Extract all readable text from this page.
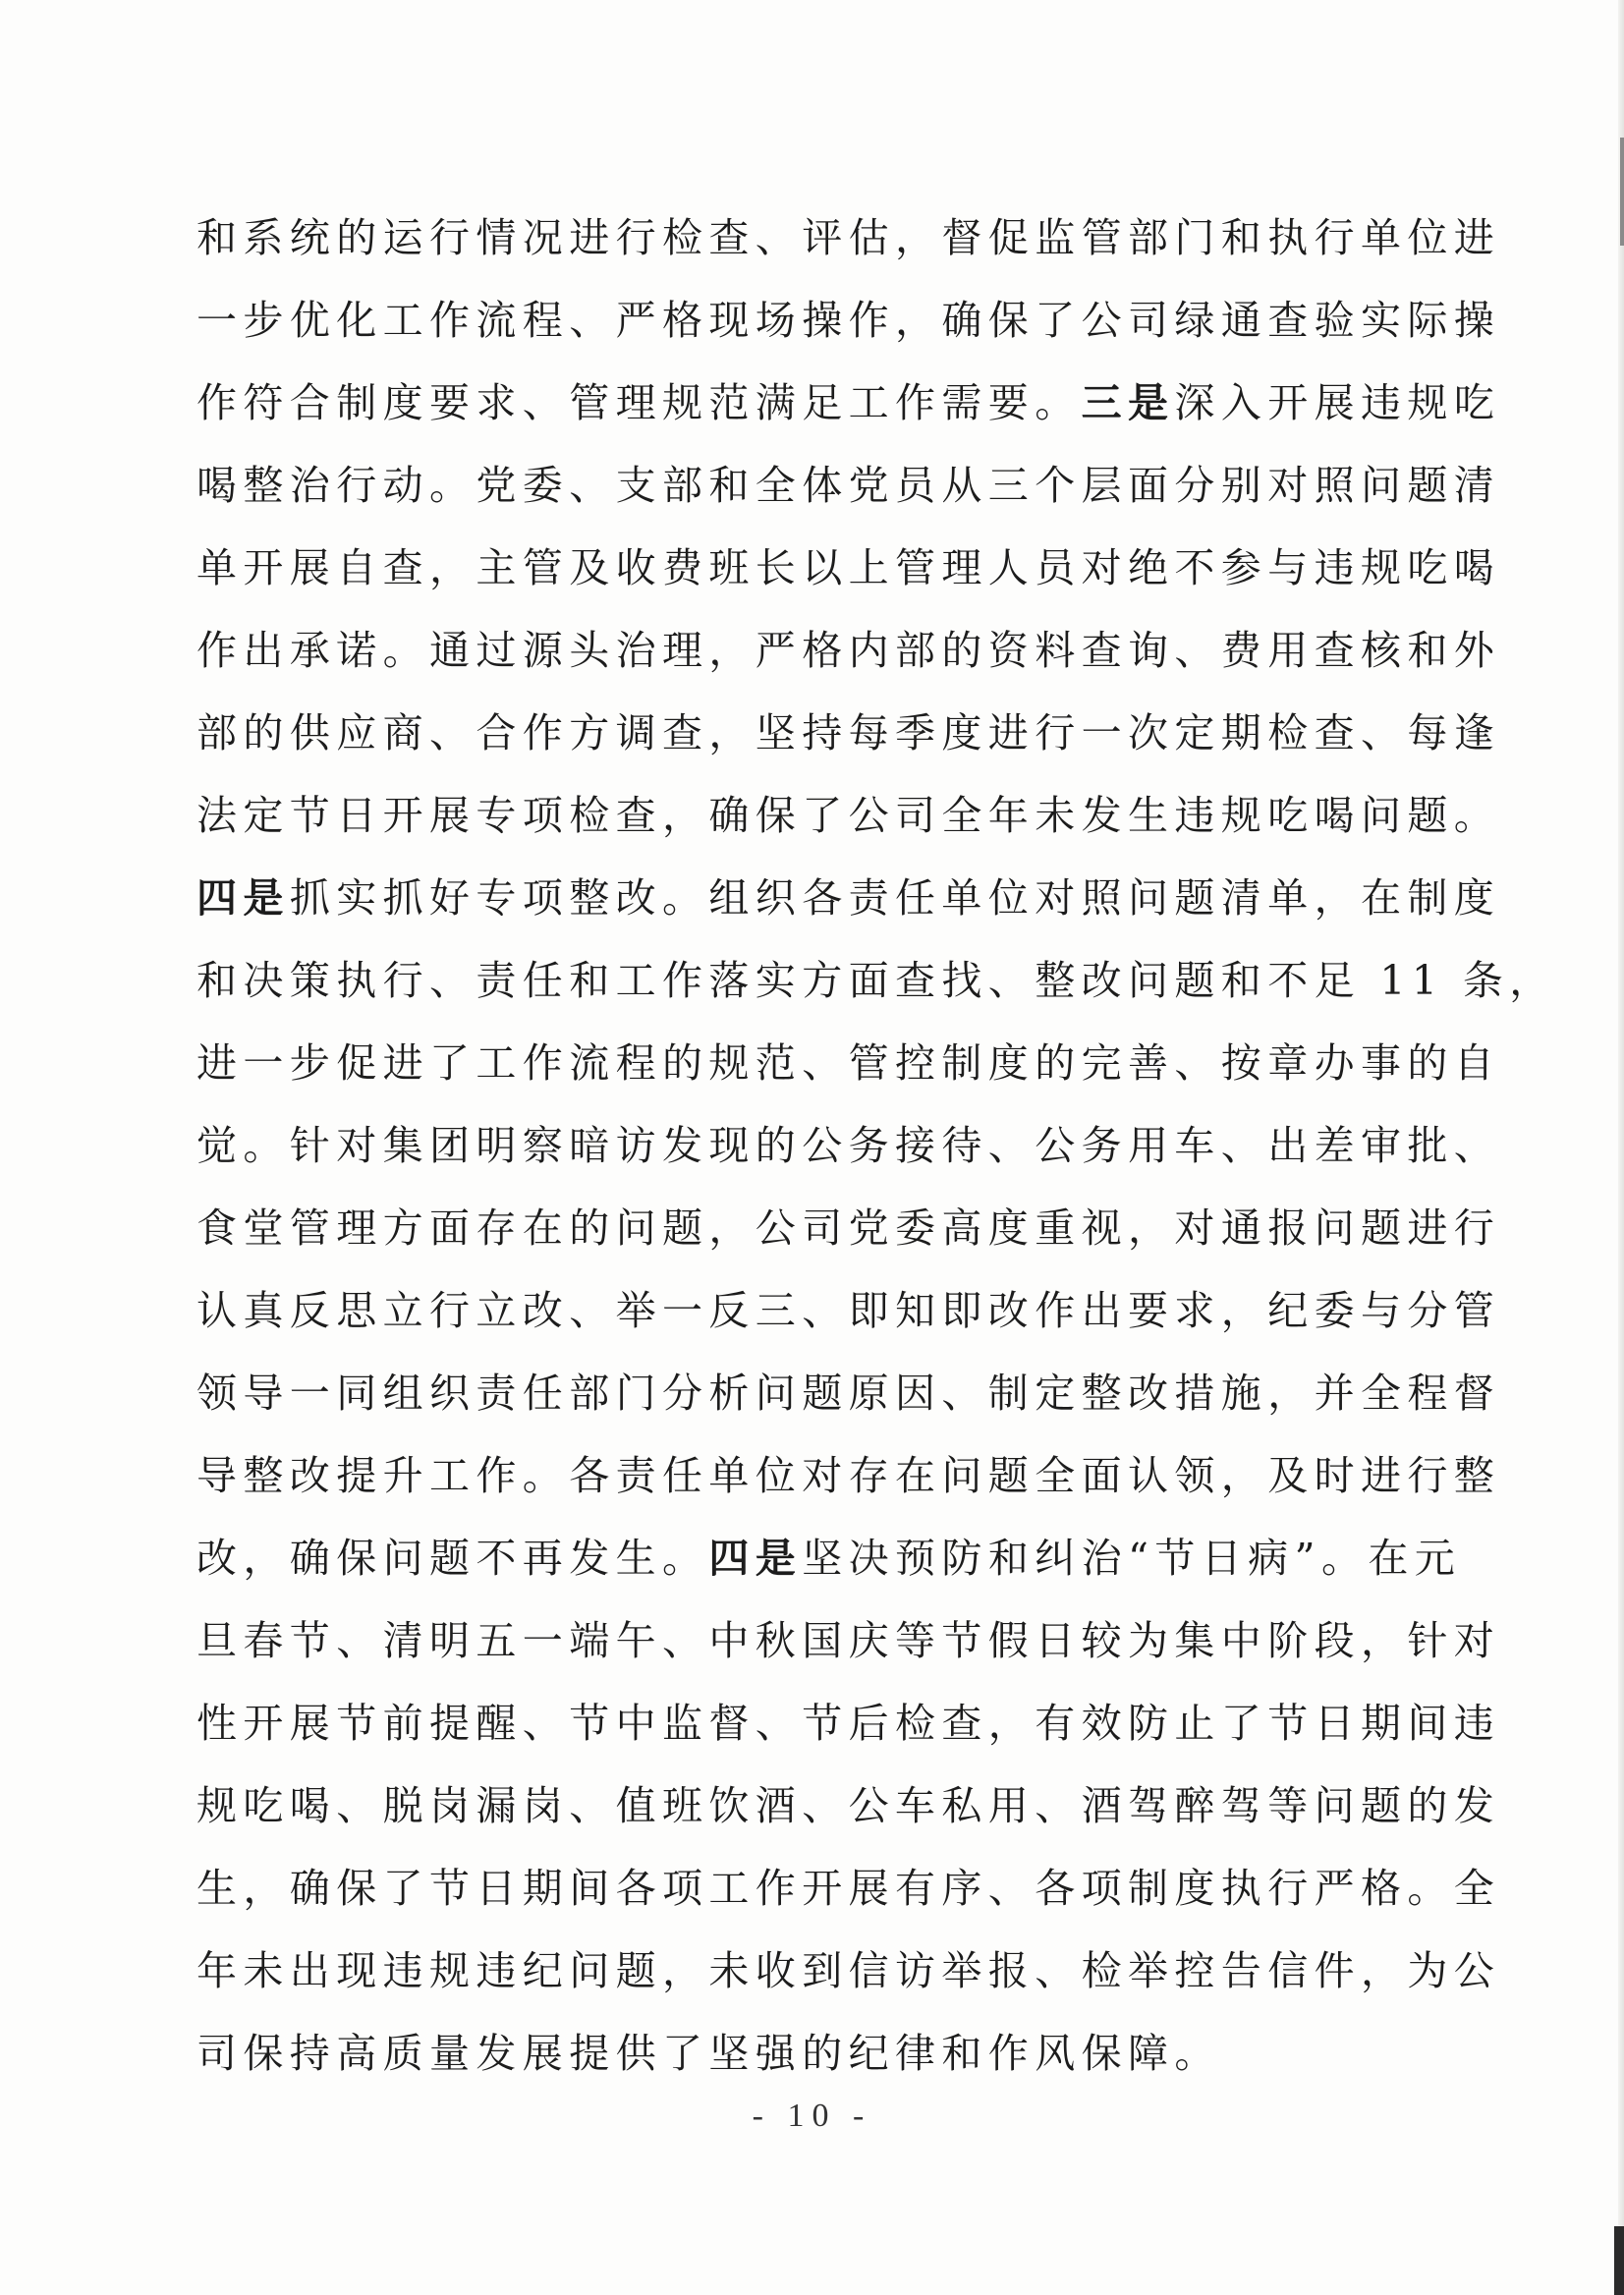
和系统的运行情况进行检查、评估，督促监管部门和执行单位进
一步优化工作流程、严格现场操作，确保了公司绿通查验实际操
作符合制度要求、管理规范满足工作需要。三是深入开展违规吃
喝整治行动。党委、支部和全体党员从三个层面分别对照问题清
单开展自查，主管及收费班长以上管理人员对绝不参与违规吃喝
作出承诺。通过源头治理，严格内部的资料查询、费用查核和外
部的供应商、合作方调查，坚持每季度进行一次定期检查、每逢
法定节日开展专项检查，确保了公司全年未发生违规吃喝问题。
四是抓实抓好专项整改。组织各责任单位对照问题清单，在制度
和决策执行、责任和工作落实方面查找、整改问题和不足 11 条，
进一步促进了工作流程的规范、管控制度的完善、按章办事的自
觉。针对集团明察暗访发现的公务接待、公务用车、出差审批、
食堂管理方面存在的问题，公司党委高度重视，对通报问题进行
认真反思立行立改、举一反三、即知即改作出要求，纪委与分管
领导一同组织责任部门分析问题原因、制定整改措施，并全程督
导整改提升工作。各责任单位对存在问题全面认领，及时进行整
改，确保问题不再发生。四是坚决预防和纠治“节日病”。在元
旦春节、清明五一端午、中秋国庆等节假日较为集中阶段，针对
性开展节前提醒、节中监督、节后检查，有效防止了节日期间违
规吃喝、脱岗漏岗、值班饮酒、公车私用、酒驾醉驾等问题的发
生，确保了节日期间各项工作开展有序、各项制度执行严格。全
年未出现违规违纪问题，未收到信访举报、检举控告信件，为公
司保持高质量发展提供了坚强的纪律和作风保障。
- 10 -
